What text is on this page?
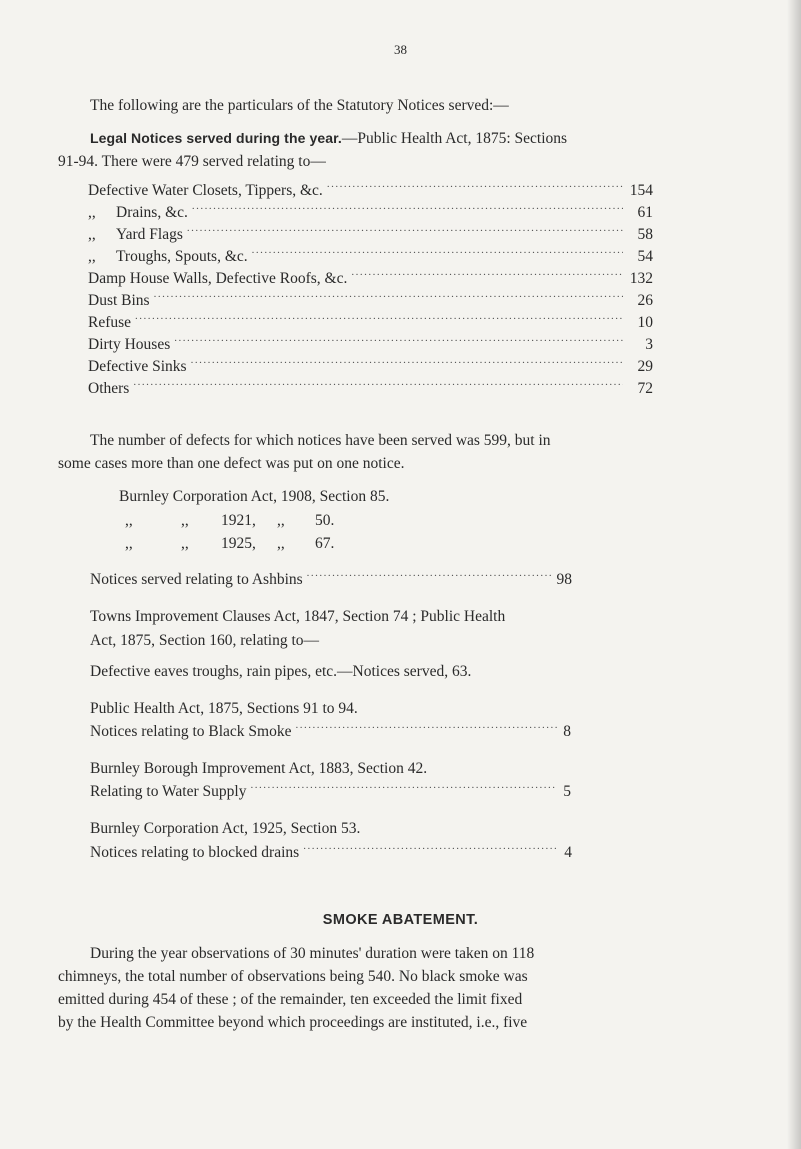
38
The following are the particulars of the Statutory Notices served:—
Legal Notices served during the year.—Public Health Act, 1875: Sections
91-94. There were 479 served relating to—
Defective Water Closets, Tippers, &c. .....	154
,, Drains, &c. .....	61
,, Yard Flags .....	58
,, Troughs, Spouts, &c. .....	54
Damp House Walls, Defective Roofs, &c. .....	132
Dust Bins .....	26
Refuse .....	10
Dirty Houses .....	3
Defective Sinks .....	29
Others .....	72
The number of defects for which notices have been served was 599, but in
some cases more than one defect was put on one notice.
Burnley Corporation Act, 1908, Section 85.
,,	,, 1921, ,, 50.
,,	,, 1925, ,, 67.
Notices served relating to Ashbins .....	98
Towns Improvement Clauses Act, 1847, Section 74 ; Public Health
Act, 1875, Section 160, relating to—
Defective eaves troughs, rain pipes, etc.—Notices served, 63.
Public Health Act, 1875, Sections 91 to 94.
Notices relating to Black Smoke .....	8
Burnley Borough Improvement Act, 1883, Section 42.
Relating to Water Supply .....	5
Burnley Corporation Act, 1925, Section 53.
Notices relating to blocked drains .....	4
SMOKE ABATEMENT.
During the year observations of 30 minutes' duration were taken on 118
chimneys, the total number of observations being 540. No black smoke was
emitted during 454 of these ; of the remainder, ten exceeded the limit fixed
by the Health Committee beyond which proceedings are instituted, i.e., five
